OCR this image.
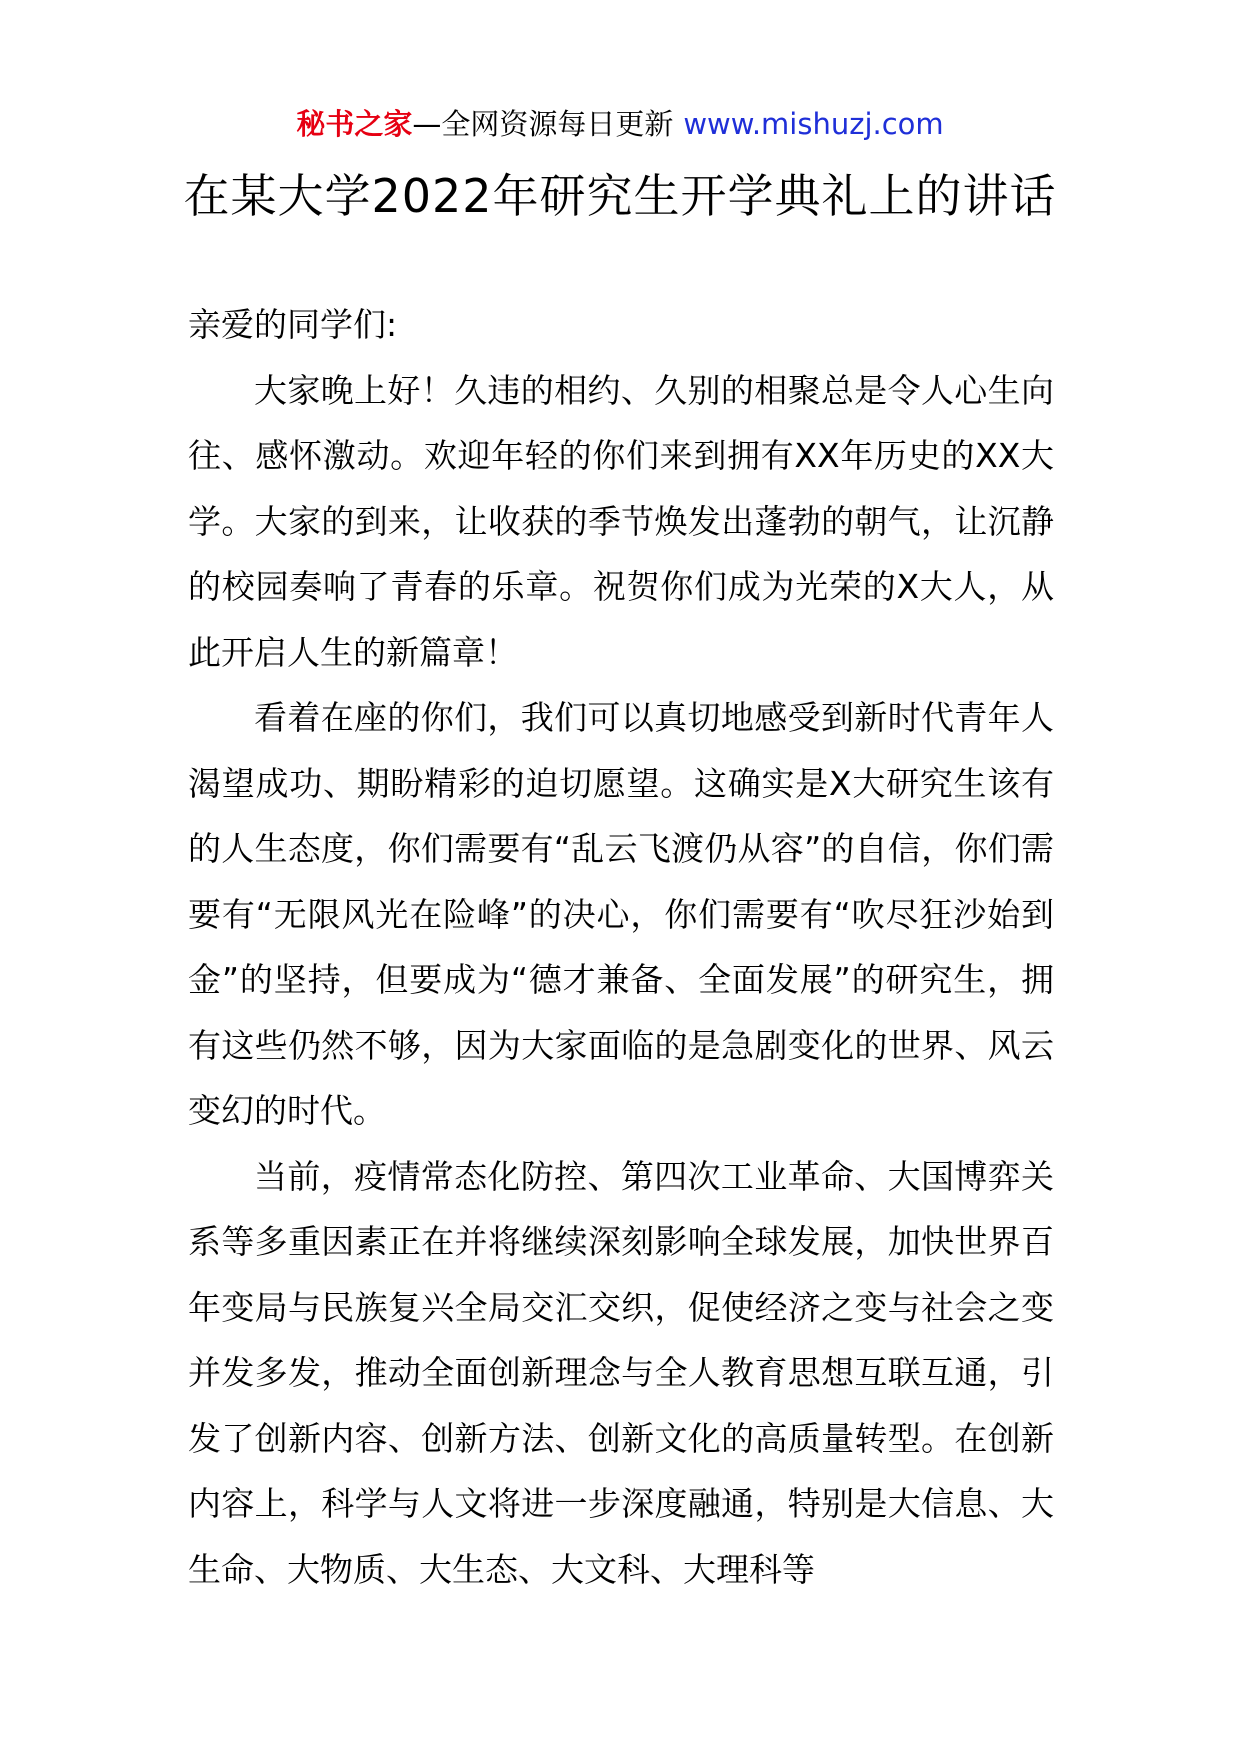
秘书之家—全网资源每日更新 www.mishuzj.com
在某大学2022年研究生开学典礼上的讲话

亲爱的同学们:

大家晚上好！久违的相约、久别的相聚总是令人心生向往、感怀激动。欢迎年轻的你们来到拥有XX年历史的XX大学。大家的到来，让收获的季节焕发出蓬勃的朝气，让沉静的校园奏响了青春的乐章。祝贺你们成为光荣的X大人，从此开启人生的新篇章！

看着在座的你们，我们可以真切地感受到新时代青年人渴望成功、期盼精彩的迫切愿望。这确实是X大研究生该有的人生态度，你们需要有“乱云飞渡仍从容”的自信，你们需要有“无限风光在险峰”的决心，你们需要有“吹尽狂沙始到金”的坚持，但要成为“德才兼备、全面发展”的研究生，拥有这些仍然不够，因为大家面临的是急剧变化的世界、风云变幻的时代。

当前，疫情常态化防控、第四次工业革命、大国博弈关系等多重因素正在并将继续深刻影响全球发展，加快世界百年变局与民族复兴全局交汇交织，促使经济之变与社会之变并发多发，推动全面创新理念与全人教育思想互联互通，引发了创新内容、创新方法、创新文化的高质量转型。在创新内容上，科学与人文将进一步深度融通，特别是大信息、大生命、大物质、大生态、大文科、大理科等
